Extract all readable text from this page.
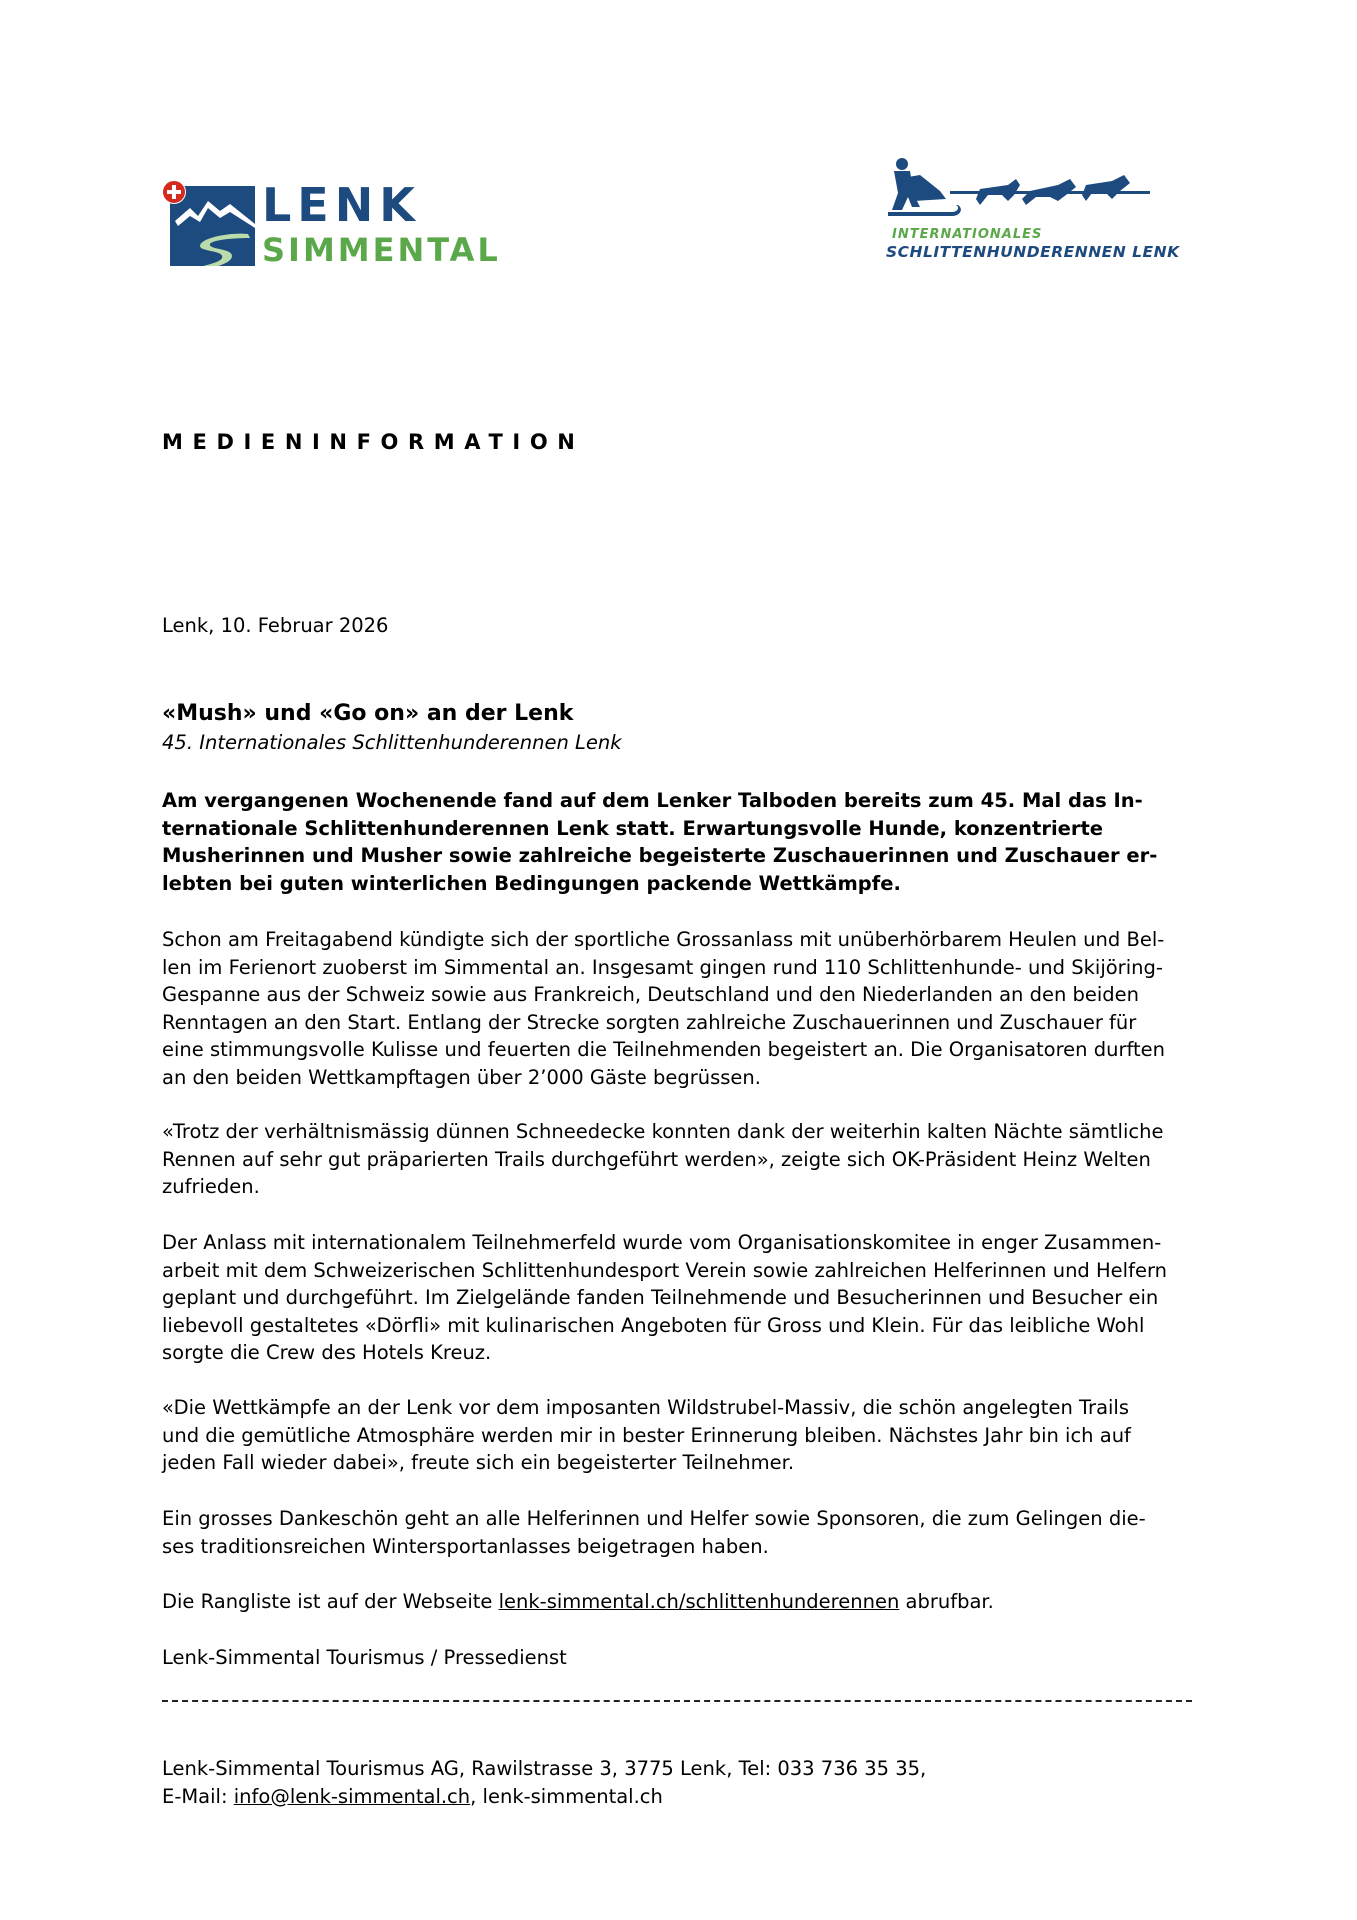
LENK
SIMMENTAL	INTERNATIONALES
SCHLITTENHUNDERENNEN LENK
MEDIENINFORMATION
Lenk, 10. Februar 2026
«Mush» und «Go on» an der Lenk
45. Internationales Schlittenhunderennen Lenk
Am vergangenen Wochenende fand auf dem Lenker Talboden bereits zum 45. Mal das In-
ternationale Schlittenhunderennen Lenk statt. Erwartungsvolle Hunde, konzentrierte
Musherinnen und Musher sowie zahlreiche begeisterte Zuschauerinnen und Zuschauer er-
lebten bei guten winterlichen Bedingungen packende Wettkämpfe.
Schon am Freitagabend kündigte sich der sportliche Grossanlass mit unüberhörbarem Heulen und Bel-
len im Ferienort zuoberst im Simmental an. Insgesamt gingen rund 110 Schlittenhunde- und Skijöring-
Gespanne aus der Schweiz sowie aus Frankreich, Deutschland und den Niederlanden an den beiden
Renntagen an den Start. Entlang der Strecke sorgten zahlreiche Zuschauerinnen und Zuschauer für
eine stimmungsvolle Kulisse und feuerten die Teilnehmenden begeistert an. Die Organisatoren durften
an den beiden Wettkampftagen über 2’000 Gäste begrüssen.
«Trotz der verhältnismässig dünnen Schneedecke konnten dank der weiterhin kalten Nächte sämtliche
Rennen auf sehr gut präparierten Trails durchgeführt werden», zeigte sich OK-Präsident Heinz Welten
zufrieden.
Der Anlass mit internationalem Teilnehmerfeld wurde vom Organisationskomitee in enger Zusammen-
arbeit mit dem Schweizerischen Schlittenhundesport Verein sowie zahlreichen Helferinnen und Helfern
geplant und durchgeführt. Im Zielgelände fanden Teilnehmende und Besucherinnen und Besucher ein
liebevoll gestaltetes «Dörfli» mit kulinarischen Angeboten für Gross und Klein. Für das leibliche Wohl
sorgte die Crew des Hotels Kreuz.
«Die Wettkämpfe an der Lenk vor dem imposanten Wildstrubel-Massiv, die schön angelegten Trails
und die gemütliche Atmosphäre werden mir in bester Erinnerung bleiben. Nächstes Jahr bin ich auf
jeden Fall wieder dabei», freute sich ein begeisterter Teilnehmer.
Ein grosses Dankeschön geht an alle Helferinnen und Helfer sowie Sponsoren, die zum Gelingen die-
ses traditionsreichen Wintersportanlasses beigetragen haben.
Die Rangliste ist auf der Webseite lenk-simmental.ch/schlittenhunderennen abrufbar.
Lenk-Simmental Tourismus / Pressedienst
Lenk-Simmental Tourismus AG, Rawilstrasse 3, 3775 Lenk, Tel: 033 736 35 35,
E-Mail: info@lenk-simmental.ch, lenk-simmental.ch
